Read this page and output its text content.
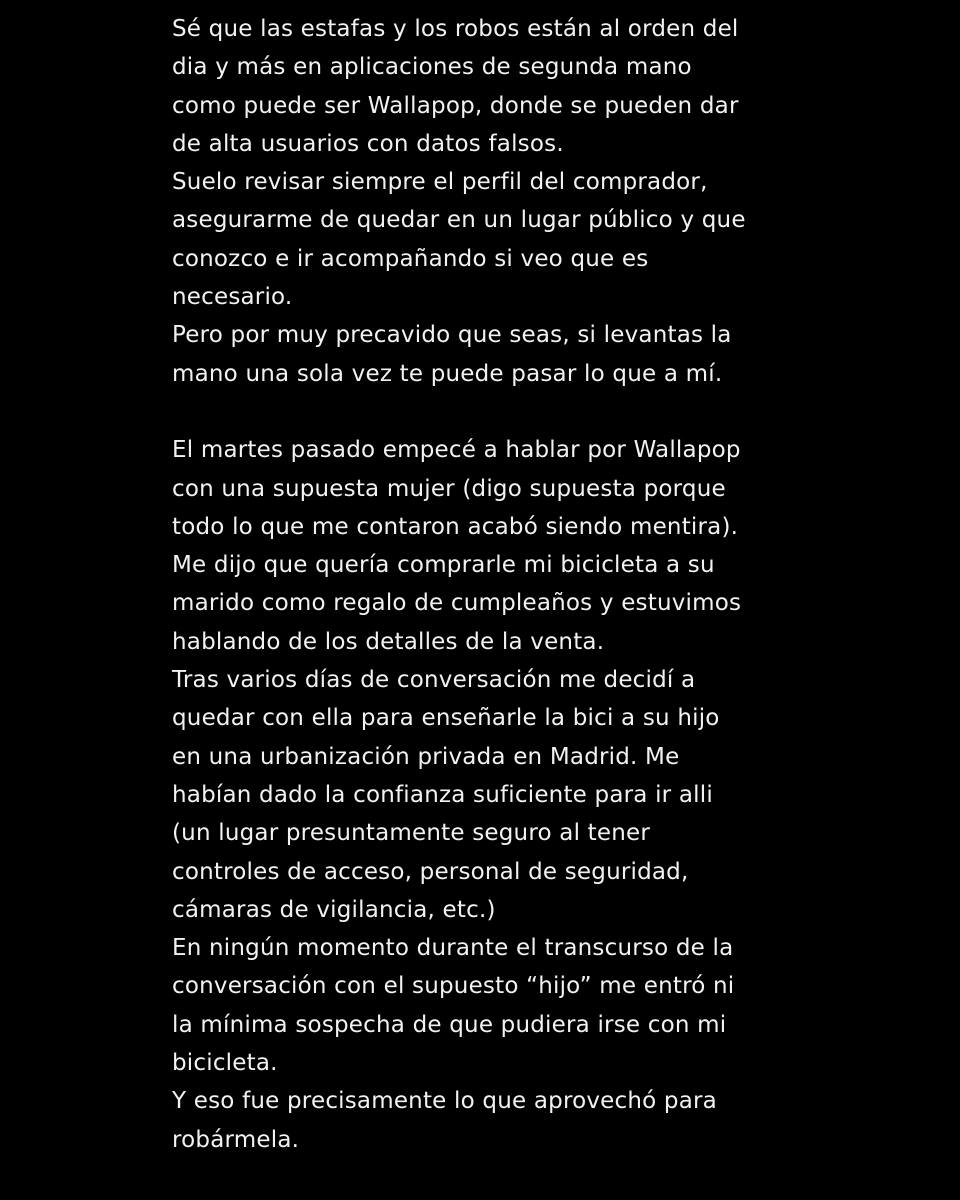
Sé que las estafas y los robos están al orden del
dia y más en aplicaciones de segunda mano
como puede ser Wallapop, donde se pueden dar
de alta usuarios con datos falsos.
Suelo revisar siempre el perfil del comprador,
asegurarme de quedar en un lugar público y que
conozco e ir acompañando si veo que es
necesario.
Pero por muy precavido que seas, si levantas la
mano una sola vez te puede pasar lo que a mí.
El martes pasado empecé a hablar por Wallapop
con una supuesta mujer (digo supuesta porque
todo lo que me contaron acabó siendo mentira).
Me dijo que quería comprarle mi bicicleta a su
marido como regalo de cumpleaños y estuvimos
hablando de los detalles de la venta.
Tras varios días de conversación me decidí a
quedar con ella para enseñarle la bici a su hijo
en una urbanización privada en Madrid. Me
habían dado la confianza suficiente para ir alli
(un lugar presuntamente seguro al tener
controles de acceso, personal de seguridad,
cámaras de vigilancia, etc.)
En ningún momento durante el transcurso de la
conversación con el supuesto “hijo” me entró ni
la mínima sospecha de que pudiera irse con mi
bicicleta.
Y eso fue precisamente lo que aprovechó para
robármela.
